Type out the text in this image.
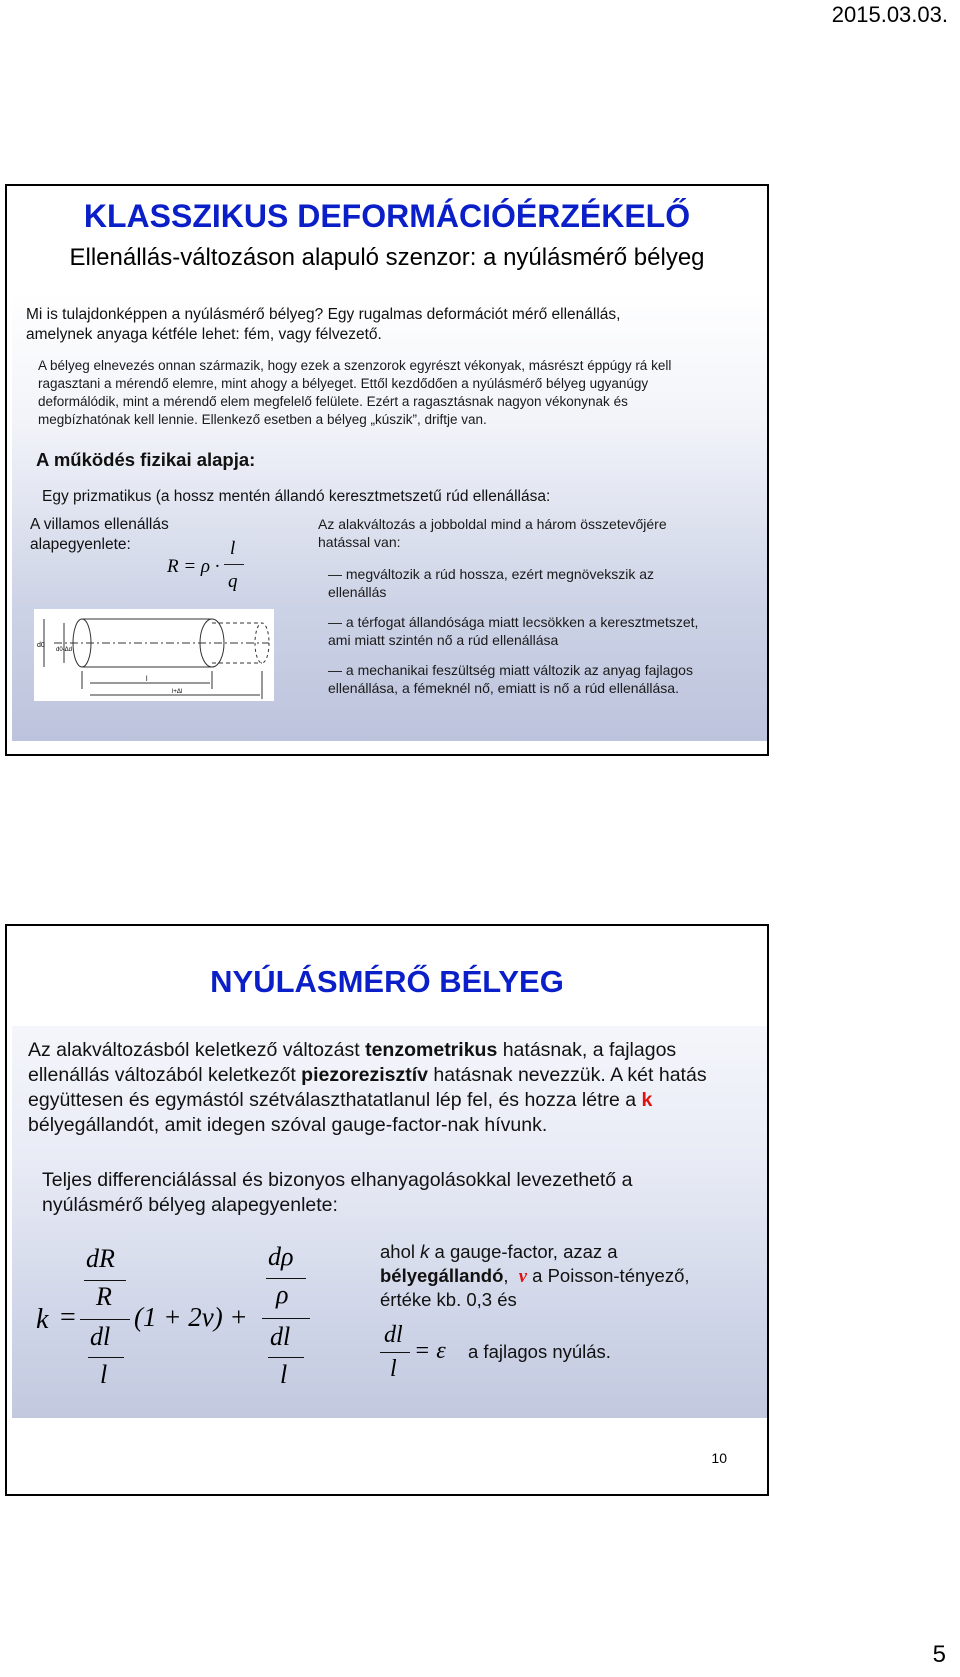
2015.03.03.
KLASSZIKUS DEFORMÁCIÓÉRZÉKELŐ
Ellenállás-változáson alapuló szenzor: a nyúlásmérő bélyeg
Mi is tulajdonképpen a nyúlásmérő bélyeg? Egy rugalmas deformációt mérő ellenállás,
amelynek anyaga kétféle lehet: fém, vagy félvezető.
A bélyeg elnevezés onnan származik, hogy ezek a szenzorok egyrészt vékonyak, másrészt éppúgy rá kell
ragasztani a mérendő elemre, mint ahogy a bélyeget. Ettől kezdődően a nyúlásmérő bélyeg ugyanúgy
deformálódik, mint a mérendő elem megfelelő felülete. Ezért a ragasztásnak nagyon vékonynak és
megbízhatónak kell lennie. Ellenkező esetben a bélyeg „kúszik”, driftje van.
A működés fizikai alapja:
Egy prizmatikus (a hossz mentén állandó keresztmetszetű rúd ellenállása:
A villamos ellenállás
alapegyenlete:
R = ρ ·
l
q
d0
d0-Δd
l
l+Δl
Az alakváltozás a jobboldal mind a három összetevőjére
hatással van:
— megváltozik a rúd hossza, ezért megnövekszik az
ellenállás
— a térfogat állandósága miatt lecsökken a keresztmetszet,
ami miatt szintén nő a rúd ellenállása
— a mechanikai feszültség miatt változik az anyag fajlagos
ellenállása, a fémeknél nő, emiatt is nő a rúd ellenállása.
NYÚLÁSMÉRŐ BÉLYEG
Az alakváltozásból keletkező változást tenzometrikus hatásnak, a fajlagos
ellenállás változából keletkezőt piezorezisztív hatásnak nevezzük. A két hatás
együttesen és egymástól szétválaszthatatlanul lép fel, és hozza létre a k
bélyegállandót, amit idegen szóval gauge-factor-nak hívunk.
Teljes differenciálással és bizonyos elhanyagolásokkal levezethető a
nyúlásmérő bélyeg alapegyenlete:
k =
dR
R
dl
l
(1 + 2ν) +
dρ
ρ
dl
l
ahol k a gauge-factor, azaz a
bélyegállandó,  ν a Poisson-tényező,
értéke kb. 0,3 és
dl
l
= ε a fajlagos nyúlás.
10
5
